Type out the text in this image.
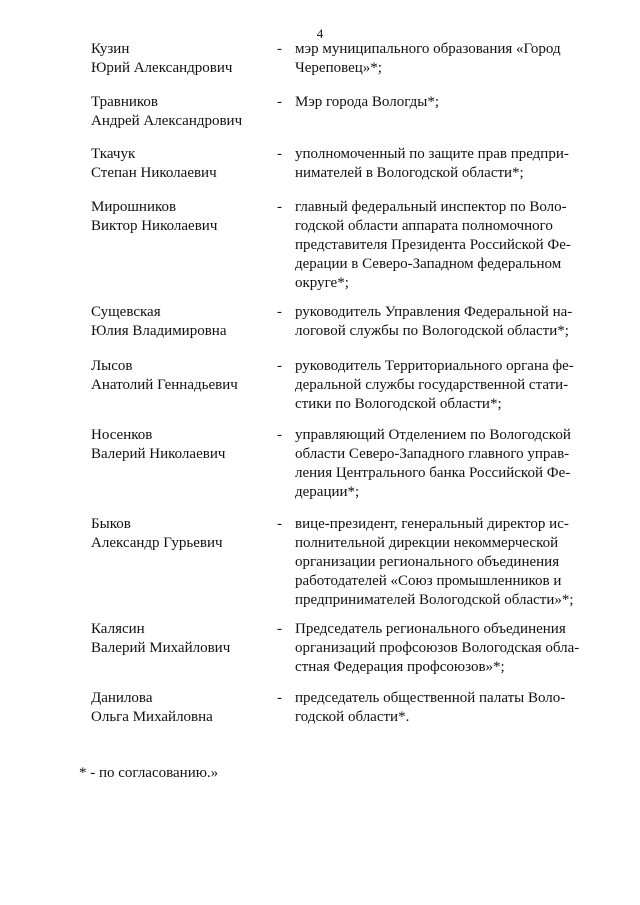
4
Кузин
Юрий Александрович
- мэр муниципального образования «Город
Череповец»*;
Травников
Андрей Александрович
- Мэр города Вологды*;
Ткачук
Степан Николаевич
- уполномоченный по защите прав предпри-
нимателей в Вологодской области*;
Мирошников
Виктор Николаевич
- главный федеральный инспектор по Воло-
годской области аппарата полномочного
представителя Президента Российской Фе-
дерации в Северо-Западном федеральном
округе*;
Сущевская
Юлия Владимировна
- руководитель Управления Федеральной на-
логовой службы по Вологодской области*;
Лысов
Анатолий Геннадьевич
- руководитель Территориального органа фе-
деральной службы государственной стати-
стики по Вологодской области*;
Носенков
Валерий Николаевич
- управляющий Отделением по Вологодской
области Северо-Западного главного управ-
ления Центрального банка Российской Фе-
дерации*;
Быков
Александр Гурьевич
- вице-президент, генеральный директор ис-
полнительной дирекции некоммерческой
организации регионального объединения
работодателей «Союз промышленников и
предпринимателей Вологодской области»*;
Калясин
Валерий Михайлович
- Председатель регионального объединения
организаций профсоюзов Вологодская обла-
стная Федерация профсоюзов»*;
Данилова
Ольга Михайловна
- председатель общественной палаты Воло-
годской области*.
* - по согласованию.»
